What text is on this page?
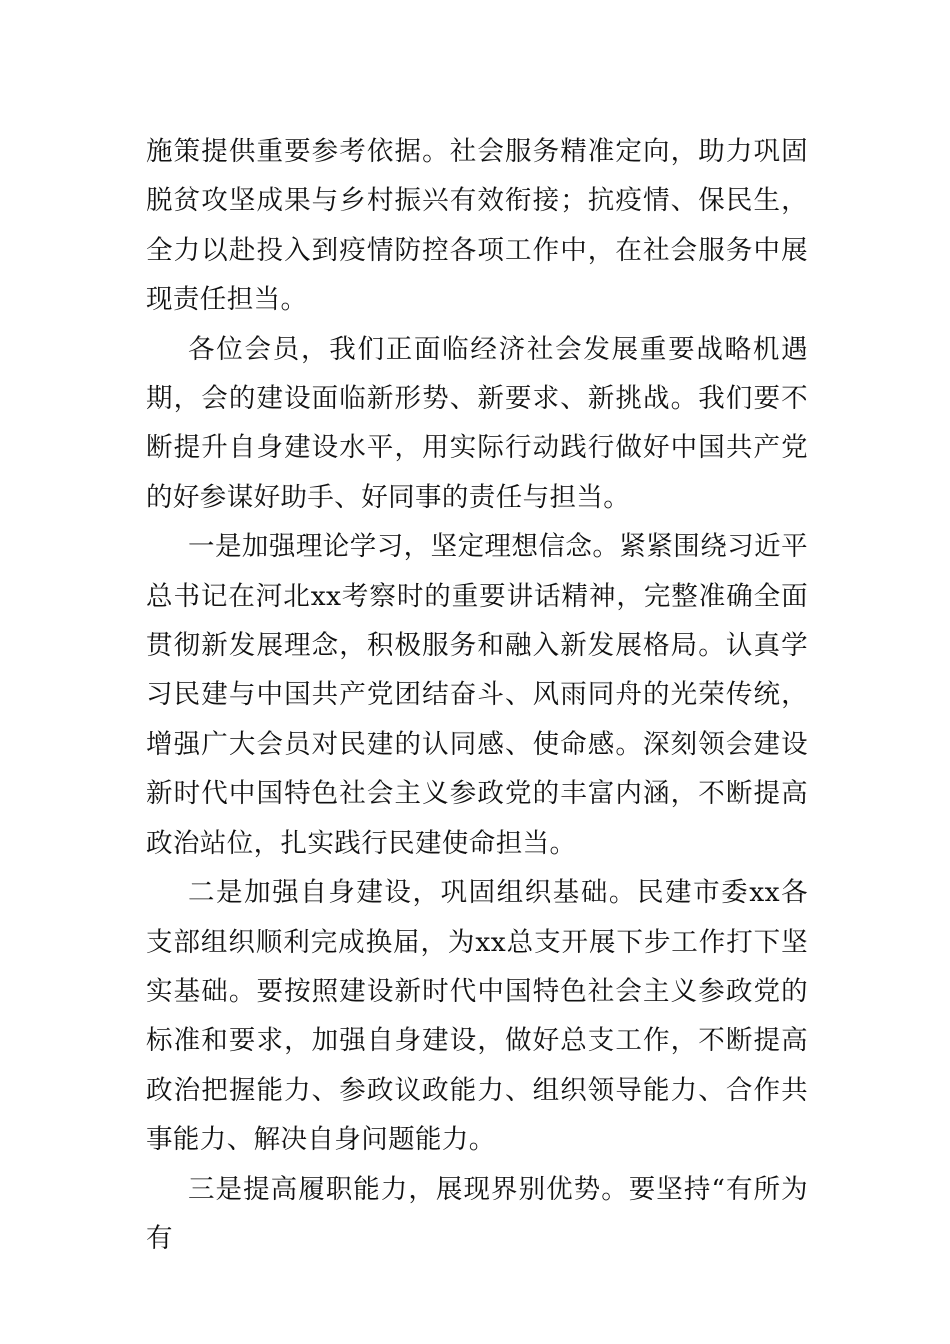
施策提供重要参考依据。社会服务精准定向，助力巩固脱贫攻坚成果与乡村振兴有效衔接；抗疫情、保民生，全力以赴投入到疫情防控各项工作中，在社会服务中展现责任担当。

各位会员，我们正面临经济社会发展重要战略机遇期，会的建设面临新形势、新要求、新挑战。我们要不断提升自身建设水平，用实际行动践行做好中国共产党的好参谋好助手、好同事的责任与担当。

一是加强理论学习，坚定理想信念。紧紧围绕习近平总书记在河北xx考察时的重要讲话精神，完整准确全面贯彻新发展理念，积极服务和融入新发展格局。认真学习民建与中国共产党团结奋斗、风雨同舟的光荣传统，增强广大会员对民建的认同感、使命感。深刻领会建设新时代中国特色社会主义参政党的丰富内涵，不断提高政治站位，扎实践行民建使命担当。

二是加强自身建设，巩固组织基础。民建市委xx各支部组织顺利完成换届，为xx总支开展下步工作打下坚实基础。要按照建设新时代中国特色社会主义参政党的标准和要求，加强自身建设，做好总支工作，不断提高政治把握能力、参政议政能力、组织领导能力、合作共事能力、解决自身问题能力。

三是提高履职能力，展现界别优势。要坚持“有所为有
